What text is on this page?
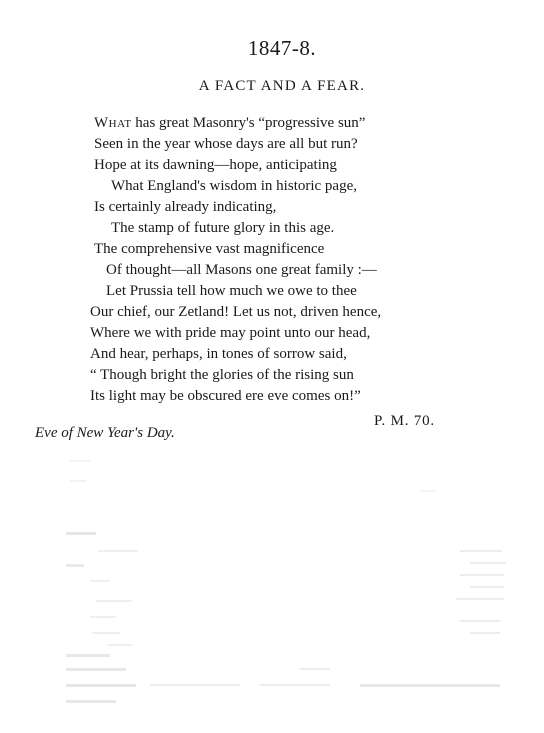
1847-8.
A FACT AND A FEAR.
What has great Masonry's “progressive sun”
Seen in the year whose days are all but run?
Hope at its dawning—hope, anticipating
What England's wisdom in historic page,
Is certainly already indicating,
The stamp of future glory in this age.
The comprehensive vast magnificence
Of thought—all Masons one great family :—
Let Prussia tell how much we owe to thee
Our chief, our Zetland! Let us not, driven hence,
Where we with pride may point unto our head,
And hear, perhaps, in tones of sorrow said,
“ Though bright the glories of the rising sun
Its light may be obscured ere eve comes on!”
P. M. 70.
Eve of New Year's Day.
